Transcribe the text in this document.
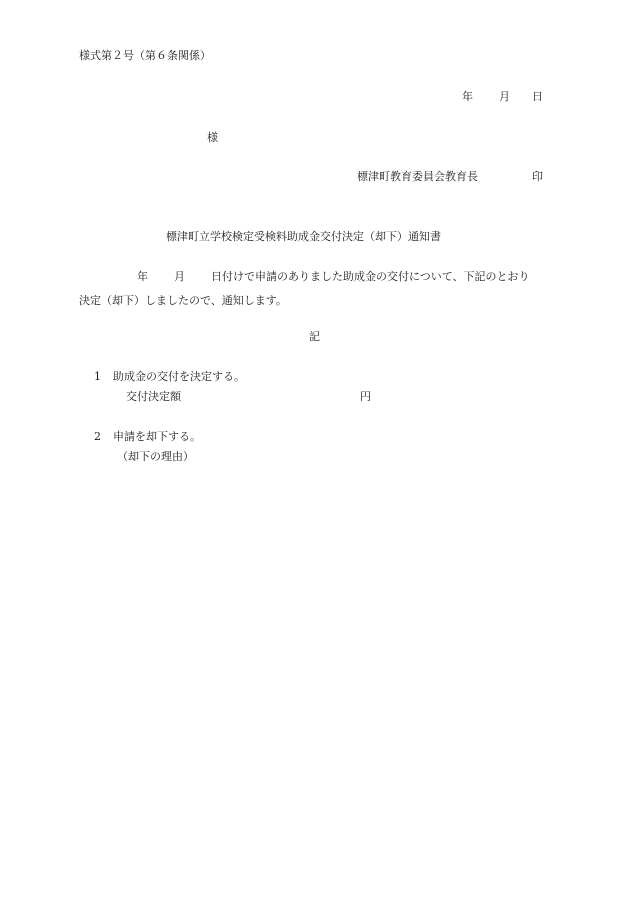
様式第２号（第６条関係）
年 月 日
様
標津町教育委員会教育長	印
標津町立学校検定受検料助成金交付決定（却下）通知書
年 月 日付けで申請のありました助成金の交付について、下記のとおり
決定（却下）しましたので、通知します。
記
1 助成金の交付を決定する。
交付決定額	円
2 申請を却下する。
（却下の理由）
